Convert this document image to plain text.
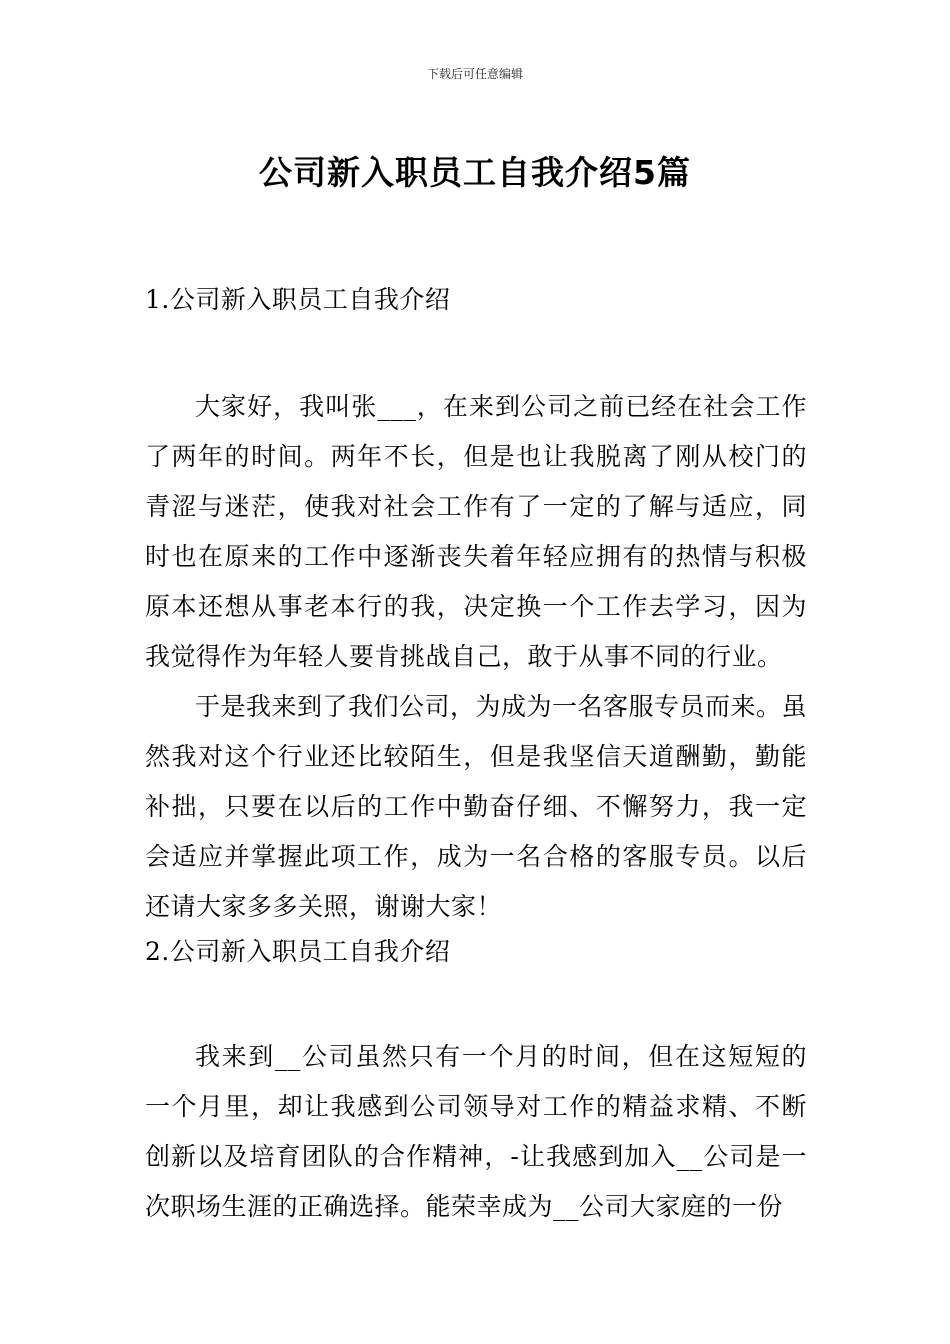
下载后可任意编辑
公司新入职员工自我介绍5篇
1.公司新入职员工自我介绍

大家好，我叫张___，在来到公司之前已经在社会工作了两年的时间。两年不长，但是也让我脱离了刚从校门的青涩与迷茫，使我对社会工作有了一定的了解与适应，同时也在原来的工作中逐渐丧失着年轻应拥有的热情与积极原本还想从事老本行的我，决定换一个工作去学习，因为我觉得作为年轻人要肯挑战自己，敢于从事不同的行业。

于是我来到了我们公司，为成为一名客服专员而来。虽然我对这个行业还比较陌生，但是我坚信天道酬勤，勤能补拙，只要在以后的工作中勤奋仔细、不懈努力，我一定会适应并掌握此项工作，成为一名合格的客服专员。以后还请大家多多关照，谢谢大家！

2.公司新入职员工自我介绍

我来到__公司虽然只有一个月的时间，但在这短短的一个月里，却让我感到公司领导对工作的精益求精、不断创新以及培育团队的合作精神，-让我感到加入__公司是一次职场生涯的正确选择。能荣幸成为__公司大家庭的一份
